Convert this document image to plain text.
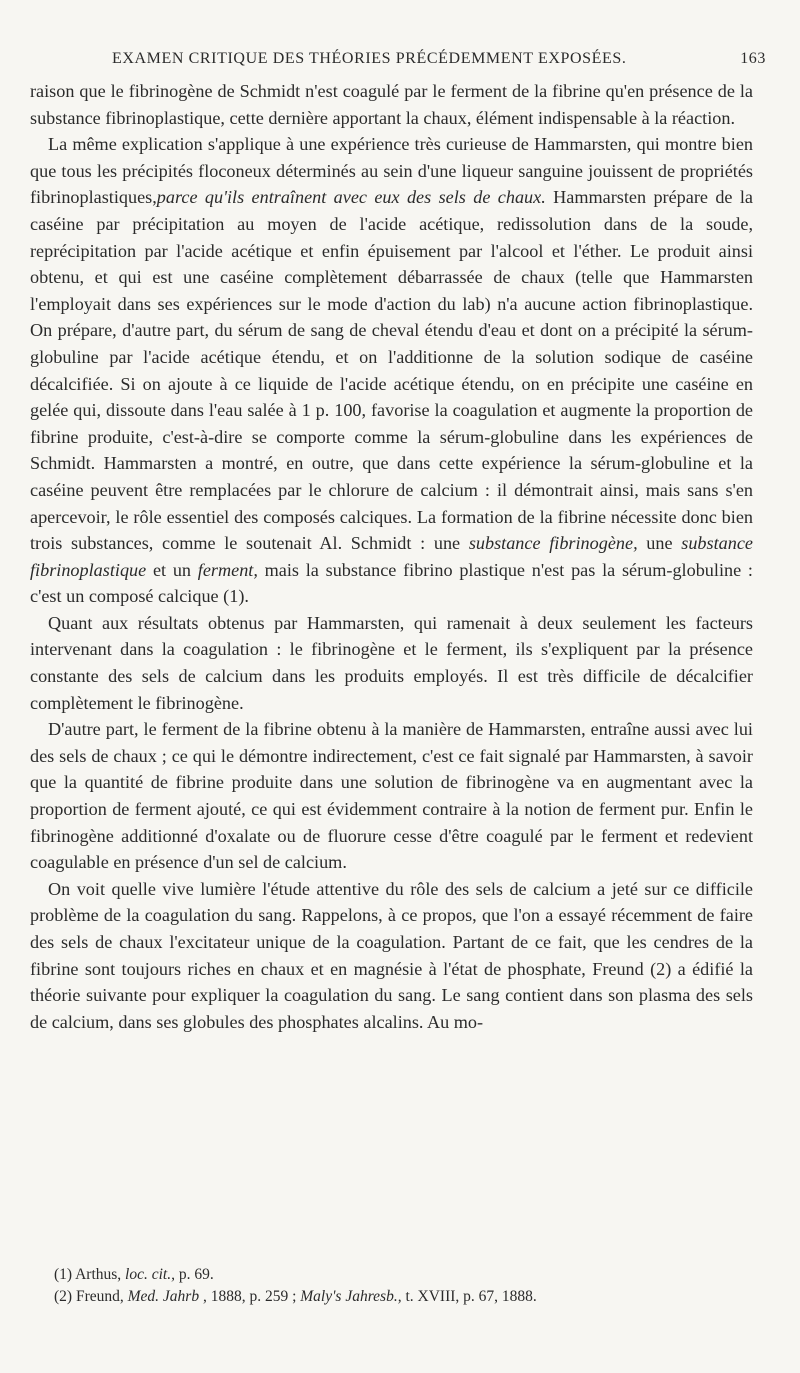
EXAMEN CRITIQUE DES THÉORIES PRÉCÉDEMMENT EXPOSÉES.	163

raison que le fibrinogène de Schmidt n'est coagulé par le ferment de la fibrine qu'en présence de la substance fibrinoplastique, cette dernière apportant la chaux, élément indispensable à la réaction.

La même explication s'applique à une expérience très curieuse de Hammarsten, qui montre bien que tous les précipités floconeux déterminés au sein d'une liqueur sanguine jouissent de propriétés fibrinoplastiques,parce qu'ils entraînent avec eux des sels de chaux. Hammarsten prépare de la caséine par précipitation au moyen de l'acide acétique, redissolution dans de la soude, reprécipitation par l'acide acétique et enfin épuisement par l'alcool et l'éther. Le produit ainsi obtenu, et qui est une caséine complètement débarrassée de chaux (telle que Hammarsten l'employait dans ses expériences sur le mode d'action du lab) n'a aucune action fibrinoplastique. On prépare, d'autre part, du sérum de sang de cheval étendu d'eau et dont on a précipité la sérum-globuline par l'acide acétique étendu, et on l'additionne de la solution sodique de caséine décalcifiée. Si on ajoute à ce liquide de l'acide acétique étendu, on en précipite une caséine en gelée qui, dissoute dans l'eau salée à 1 p. 100, favorise la coagulation et augmente la proportion de fibrine produite, c'est-à-dire se comporte comme la sérum-globuline dans les expériences de Schmidt. Hammarsten a montré, en outre, que dans cette expérience la sérum-globuline et la caséine peuvent être remplacées par le chlorure de calcium : il démontrait ainsi, mais sans s'en apercevoir, le rôle essentiel des composés calciques. La formation de la fibrine nécessite donc bien trois substances, comme le soutenait Al. Schmidt : une substance fibrinogène, une substance fibrinoplastique et un ferment, mais la substance fibrino plastique n'est pas la sérum-globuline : c'est un composé calcique (1).

Quant aux résultats obtenus par Hammarsten, qui ramenait à deux seulement les facteurs intervenant dans la coagulation : le fibrinogène et le ferment, ils s'expliquent par la présence constante des sels de calcium dans les produits employés. Il est très difficile de décalcifier complètement le fibrinogène.

D'autre part, le ferment de la fibrine obtenu à la manière de Hammarsten, entraîne aussi avec lui des sels de chaux ; ce qui le démontre indirectement, c'est ce fait signalé par Hammarsten, à savoir que la quantité de fibrine produite dans une solution de fibrinogène va en augmentant avec la proportion de ferment ajouté, ce qui est évidemment contraire à la notion de ferment pur. Enfin le fibrinogène additionné d'oxalate ou de fluorure cesse d'être coagulé par le ferment et redevient coagulable en présence d'un sel de calcium.

On voit quelle vive lumière l'étude attentive du rôle des sels de calcium a jeté sur ce difficile problème de la coagulation du sang. Rappelons, à ce propos, que l'on a essayé récemment de faire des sels de chaux l'excitateur unique de la coagulation. Partant de ce fait, que les cendres de la fibrine sont toujours riches en chaux et en magnésie à l'état de phosphate, Freund (2) a édifié la théorie suivante pour expliquer la coagulation du sang. Le sang contient dans son plasma des sels de calcium, dans ses globules des phosphates alcalins. Au mo-

(1) Arthus, loc. cit., p. 69.

(2) Freund, Med. Jahrb , 1888, p. 259 ; Maly's Jahresb., t. XVIII, p. 67, 1888.
